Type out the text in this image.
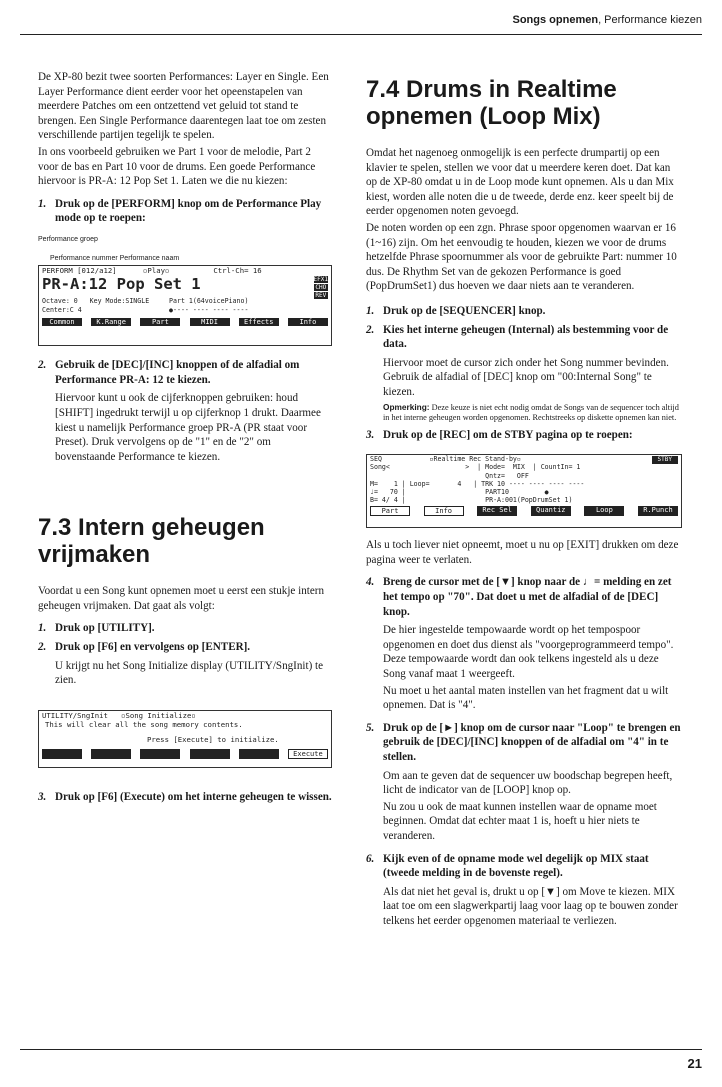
Songs opnemen, Performance kiezen

De XP-80 bezit twee soorten Performances: Layer en Single. Een Layer Performance dient eerder voor het opeenstapelen van meerdere Patches om een ontzettend vet geluid tot stand te brengen. Een Single Performance daarentegen laat toe om zesten verschillende partijen tegelijk te spelen.

In ons voorbeeld gebruiken we Part 1 voor de melodie, Part 2 voor de bas en Part 10 voor de drums. Een goede Performance hiervoor is PR-A: 12 Pop Set 1. Laten we die nu kiezen:

1. Druk op de [PERFORM] knop om de Performance Play mode op te roepen:
Performance groep
Performance nummer Performance naam
PERFORM [012/a12]      ▫Play▫          Ctrl-Ch= 16
PR-A:12 Pop Set 1	EFX1
CHO
REV
Octave: 0   Key Mode:SINGLE     Part 1(64voicePiano)
Center:C 4                      ●---- ---- ---- ----
Common	K.Range	Part	MIDI	Effects	Info
2. Gebruik de [DEC]/[INC] knoppen of de alfadial om Performance PR-A: 12 te kiezen.

Hiervoor kunt u ook de cijferknoppen gebruiken: houd [SHIFT] ingedrukt terwijl u op cijferknop 1 drukt. Daarmee kiest u namelijk Performance groep PR-A (PR staat voor Preset). Druk vervolgens op de "1" en de "2" om bovenstaande Performance te kiezen.

7.3 Intern geheugen vrijmaken

Voordat u een Song kunt opnemen moet u eerst een stukje intern geheugen vrijmaken. Dat gaat als volgt:

1. Druk op [UTILITY].
2. Druk op [F6] en vervolgens op [ENTER].

U krijgt nu het Song Initialize display (UTILITY/SngInit) te zien.

UTILITY/SngInit   ▫Song Initialize▫
This will clear all the song memory contents.
Press [Execute] to initialize.
Execute
3. Druk op [F6] (Execute) om het interne geheugen te wissen.
7.4 Drums in Realtime opnemen (Loop Mix)

Omdat het nagenoeg onmogelijk is een perfecte drumpartij op een klavier te spelen, stellen we voor dat u meerdere keren doet. Dat kan op de XP-80 omdat u in de Loop mode kunt opnemen. Als u dan Mix kiest, worden alle noten die u de tweede, derde enz. keer speelt bij de eerder opgenomen noten gevoegd.

De noten worden op een zgn. Phrase spoor opgenomen waarvan er 16 (1~16) zijn. Om het eenvoudig te houden, kiezen we voor de drums hetzelfde Phrase spoornummer als voor de gebruikte Part: nummer 10 dus. De Rhythm Set van de gekozen Performance is goed (PopDrumSet1) dus hoeven we daar niets aan te veranderen.

1. Druk op de [SEQUENCER] knop.
2. Kies het interne geheugen (Internal) als bestemming voor de data.

Hiervoor moet de cursor zich onder het Song nummer bevinden. Gebruik de alfadial of [DEC] knop om "00:Internal Song" te kiezen.

Opmerking: Deze keuze is niet echt nodig omdat de Songs van de sequencer toch altijd in het interne geheugen worden opgenomen. Rechtstreeks op diskette opnemen kan niet.

3. Druk op de [REC] om de STBY pagina op te roepen:
SEQ            ▫Realtime Rec Stand-by▫	STBY
Song<                   >  | Mode=  MIX  | CountIn= 1
Qntz=   OFF
M=    1 | Loop=       4   | TRK 10 ---- ---- ---- ----
♩=   70 |                    PART10         ●
B= 4/ 4 |                    PR-A:001(PopDrumSet 1)
Part	Info	Rec Sel	Quantiz	Loop	R.Punch

Als u toch liever niet opneemt, moet u nu op [EXIT] drukken om deze pagina weer te verlaten.

4. Breng de cursor met de [▼] knop naar de ♩= melding en zet het tempo op "70". Dat doet u met de alfadial of de [DEC] knop.

De hier ingestelde tempowaarde wordt op het tempospoor opgenomen en doet dus dienst als "voorgeprogrammeerd tempo". Deze tempowaarde wordt dan ook telkens ingesteld als u deze Song vanaf maat 1 weergeeft.

Nu moet u het aantal maten instellen van het fragment dat u wilt opnemen. Dat is "4".

5. Druk op de [►] knop om de cursor naar "Loop" te brengen en gebruik de [DEC]/[INC] knoppen of de alfadial om "4" in te stellen.

Om aan te geven dat de sequencer uw boodschap begrepen heeft, licht de indicator van de [LOOP] knop op.

Nu zou u ook de maat kunnen instellen waar de opname moet beginnen. Omdat dat echter maat 1 is, hoeft u hier niets te veranderen.

6. Kijk even of de opname mode wel degelijk op MIX staat (tweede melding in de bovenste regel).

Als dat niet het geval is, drukt u op [▼] om Move te kiezen. MIX laat toe om een slagwerkpartij laag voor laag op te bouwen zonder telkens het eerder opgenomen materiaal te verliezen.

21
